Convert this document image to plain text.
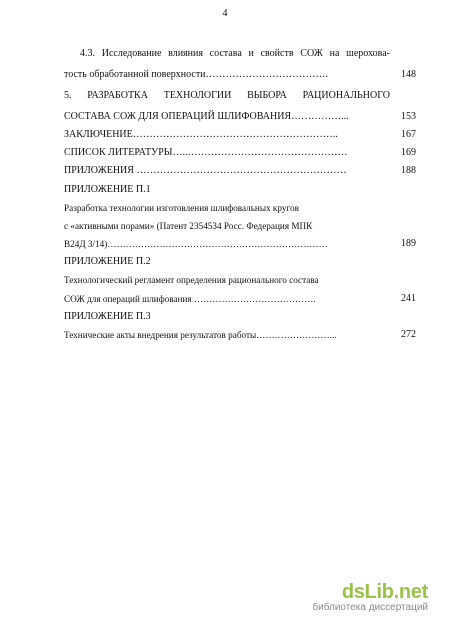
4
4.3. Исследование влияния состава и свойств СОЖ на шерохова-
тость обработанной поверхности……………………………….	148
5. РАЗРАБОТКА ТЕХНОЛОГИИ ВЫБОРА РАЦИОНАЛЬНОГО
СОСТАВА СОЖ ДЛЯ ОПЕРАЦИЙ ШЛИФОВАНИЯ……………...	153
ЗАКЛЮЧЕНИЕ……………………………………………………..	167
СПИСОК ЛИТЕРАТУРЫ…..…………………………………………	169
ПРИЛОЖЕНИЯ ………………………………………………………	188
ПРИЛОЖЕНИЕ П.1
Разработка технологии изготовления шлифовальных кругов
с «активными порами» (Патент 2354534 Росс. Федерация МПК
В24Д 3/14)………………………………………………………………	189
ПРИЛОЖЕНИЕ П.2
Технологический регламент определения рационального состава
СОЖ для операций шлифования ………………………………….	241
ПРИЛОЖЕНИЕ П.3
Технические акты внедрения результатов работы……………………...	272
dsLib.net
библиотека диссертаций
